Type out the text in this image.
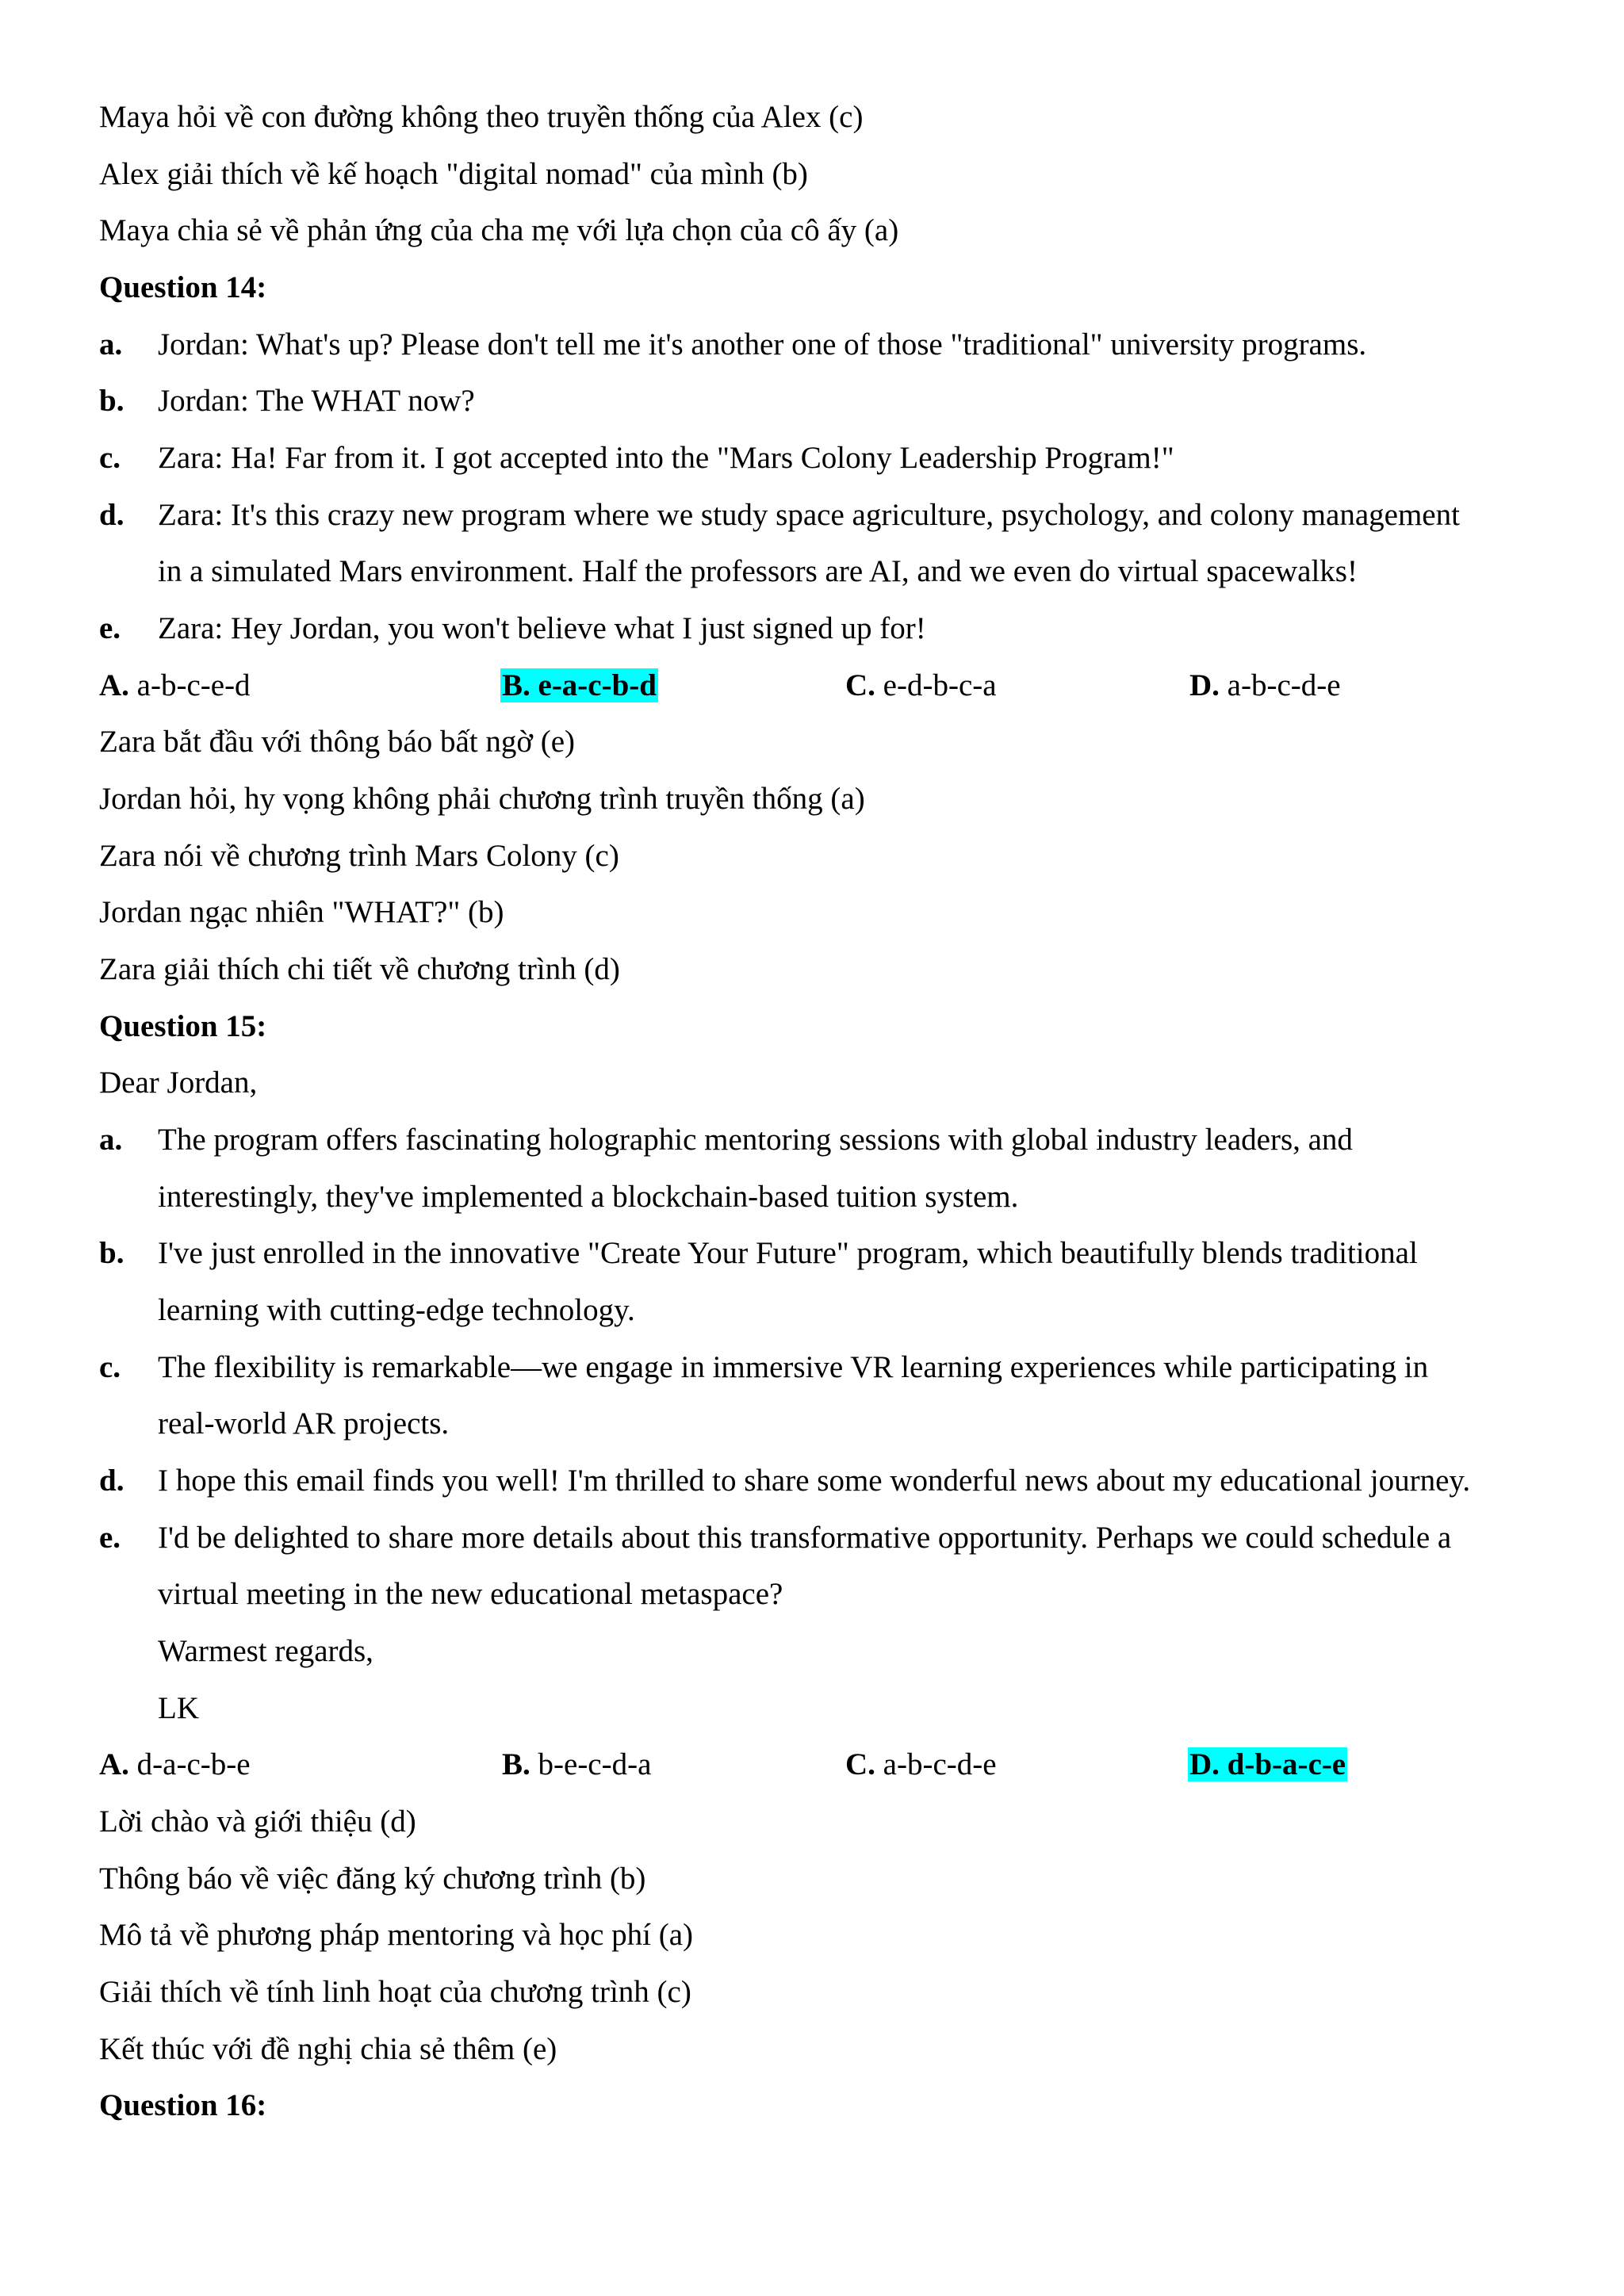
Maya hỏi về con đường không theo truyền thống của Alex (c)
Alex giải thích về kế hoạch "digital nomad" của mình (b)
Maya chia sẻ về phản ứng của cha mẹ với lựa chọn của cô ấy (a)
Question 14:
a. Jordan: What's up? Please don't tell me it's another one of those "traditional" university programs.
b. Jordan: The WHAT now?
c. Zara: Ha! Far from it. I got accepted into the "Mars Colony Leadership Program!"
d. Zara: It's this crazy new program where we study space agriculture, psychology, and colony management
in a simulated Mars environment. Half the professors are AI, and we even do virtual spacewalks!
e. Zara: Hey Jordan, you won't believe what I just signed up for!
A. a-b-c-e-d	B. e-a-c-b-d	C. e-d-b-c-a	D. a-b-c-d-e
Zara bắt đầu với thông báo bất ngờ (e)
Jordan hỏi, hy vọng không phải chương trình truyền thống (a)
Zara nói về chương trình Mars Colony (c)
Jordan ngạc nhiên "WHAT?" (b)
Zara giải thích chi tiết về chương trình (d)
Question 15:
Dear Jordan,
a. The program offers fascinating holographic mentoring sessions with global industry leaders, and
interestingly, they've implemented a blockchain-based tuition system.
b. I've just enrolled in the innovative "Create Your Future" program, which beautifully blends traditional
learning with cutting-edge technology.
c. The flexibility is remarkable—we engage in immersive VR learning experiences while participating in
real-world AR projects.
d. I hope this email finds you well! I'm thrilled to share some wonderful news about my educational journey.
e. I'd be delighted to share more details about this transformative opportunity. Perhaps we could schedule a
virtual meeting in the new educational metaspace?
Warmest regards,
LK
A. d-a-c-b-e	B. b-e-c-d-a	C. a-b-c-d-e	D. d-b-a-c-e
Lời chào và giới thiệu (d)
Thông báo về việc đăng ký chương trình (b)
Mô tả về phương pháp mentoring và học phí (a)
Giải thích về tính linh hoạt của chương trình (c)
Kết thúc với đề nghị chia sẻ thêm (e)
Question 16:
